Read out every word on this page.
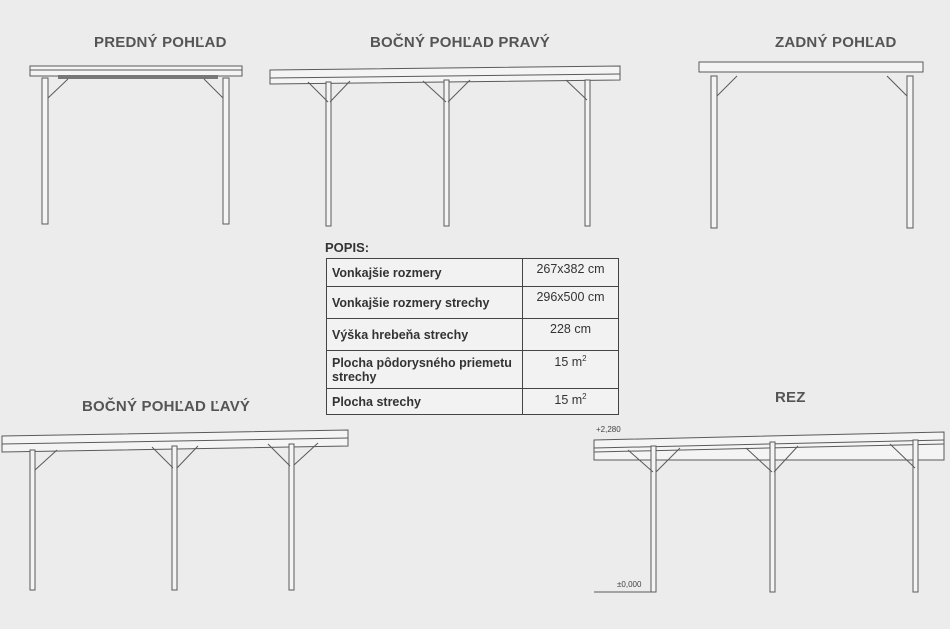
PREDNÝ POHĽAD	BOČNÝ POHĽAD PRAVÝ	ZADNÝ POHĽAD
BOČNÝ POHĽAD ĽAVÝ
REZ
+2,280
±0,000
POPIS:
Vonkajšie rozmery	267x382 cm
Vonkajšie rozmery strechy	296x500 cm
Výška hrebeňa strechy	228 cm
Plocha pôdorysného priemetu strechy	15 $m^2$
Plocha strechy	15 $m^2$
